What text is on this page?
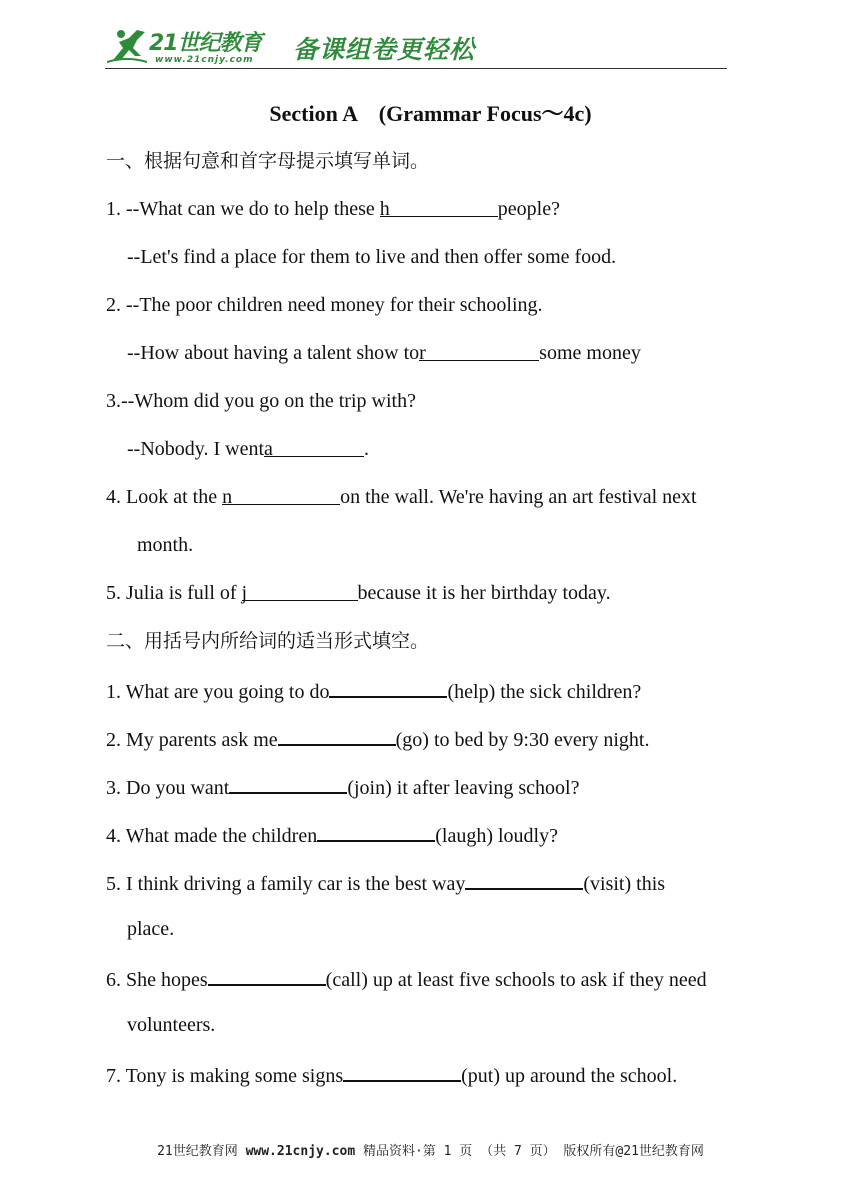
21世纪教育
www.21cnjy.com 备课组卷更轻松
Section A　(Grammar Focus～4c)
一、根据句意和首字母提示填写单词。
1. --What can we do to help these h	people?
--Let's find a place for them to live and then offer some food.
2. --The poor children need money for their schooling.
--How about having a talent show tor	some money
3.--Whom did you go on the trip with?
--Nobody. I wenta	.
4. Look at the n	on the wall. We're having an art festival next
month.
5. Julia is full of j	because it is her birthday today.
二、用括号内所给词的适当形式填空。
1. What are you going to do	(help) the sick children?
2. My parents ask me	(go) to bed by 9:30 every night.
3. Do you want	(join) it after leaving school?
4. What made the children	(laugh) loudly?
5. I think driving a family car is the best way	(visit) this
place.
6. She hopes	(call) up at least five schools to ask if they need
volunteers.
7. Tony is making some signs	(put) up around the school.
21世纪教育网 www.21cnjy.com 精品资料·第 1 页 （共 7 页） 版权所有@21世纪教育网
